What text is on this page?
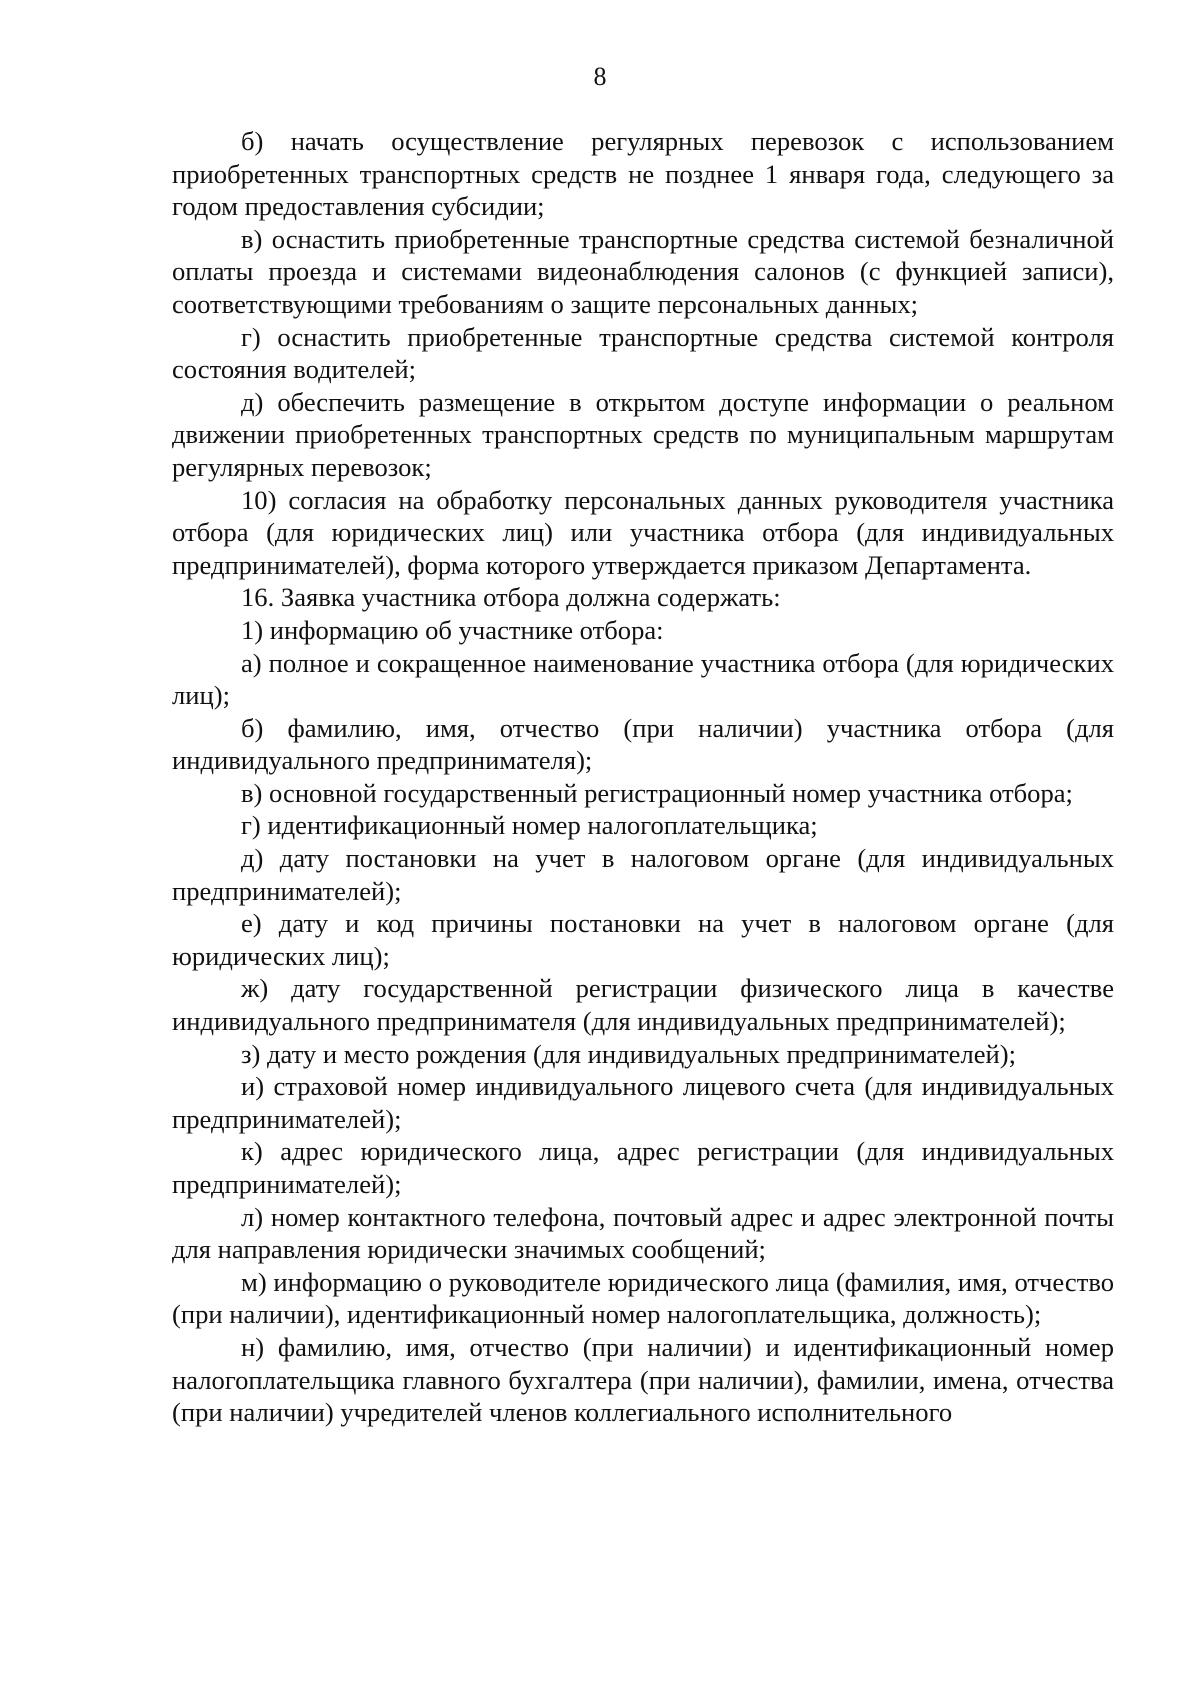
8

б) начать осуществление регулярных перевозок с использованием приобретенных транспортных средств не позднее 1 января года, следующего за годом предоставления субсидии;

в) оснастить приобретенные транспортные средства системой безналичной оплаты проезда и системами видеонаблюдения салонов (с функцией записи), соответствующими требованиям о защите персональных данных;

г) оснастить приобретенные транспортные средства системой контроля состояния водителей;

д) обеспечить размещение в открытом доступе информации о реальном движении приобретенных транспортных средств по муниципальным маршрутам регулярных перевозок;

10) согласия на обработку персональных данных руководителя участника отбора (для юридических лиц) или участника отбора (для индивидуальных предпринимателей), форма которого утверждается приказом Департамента.

16. Заявка участника отбора должна содержать:

1) информацию об участнике отбора:

а) полное и сокращенное наименование участника отбора (для юридических лиц);

б) фамилию, имя, отчество (при наличии) участника отбора (для индивидуального предпринимателя);

в) основной государственный регистрационный номер участника отбора;

г) идентификационный номер налогоплательщика;

д) дату постановки на учет в налоговом органе (для индивидуальных предпринимателей);

е) дату и код причины постановки на учет в налоговом органе (для юридических лиц);

ж) дату государственной регистрации физического лица в качестве индивидуального предпринимателя (для индивидуальных предпринимателей);

з) дату и место рождения (для индивидуальных предпринимателей);

и) страховой номер индивидуального лицевого счета (для индивидуальных предпринимателей);

к) адрес юридического лица, адрес регистрации (для индивидуальных предпринимателей);

л) номер контактного телефона, почтовый адрес и адрес электронной почты для направления юридически значимых сообщений;

м) информацию о руководителе юридического лица (фамилия, имя, отчество (при наличии), идентификационный номер налогоплательщика, должность);

н) фамилию, имя, отчество (при наличии) и идентификационный номер налогоплательщика главного бухгалтера (при наличии), фамилии, имена, отчества (при наличии) учредителей членов коллегиального исполнительного
